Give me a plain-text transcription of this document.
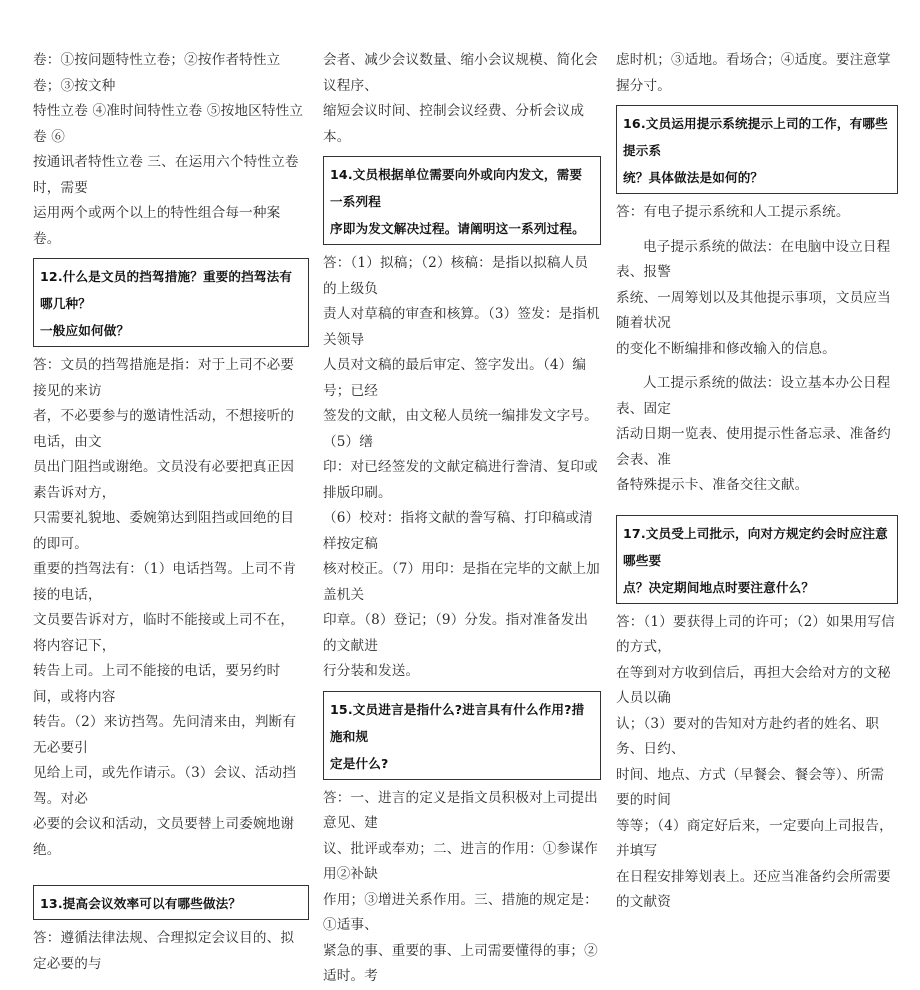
卷：①按问题特性立卷；②按作者特性立卷；③按文种

特性立卷 ④准时间特性立卷 ⑤按地区特性立卷 ⑥

按通讯者特性立卷 三、在运用六个特性立卷时，需要

运用两个或两个以上的特性组合每一种案卷。

12.什么是文员的挡驾措施？重要的挡驾法有哪几种？

一般应如何做？

答：文员的挡驾措施是指：对于上司不必要接见的来访

者，不必要参与的邀请性活动，不想接听的电话，由文

员出门阻挡或谢绝。文员没有必要把真正因素告诉对方，

只需要礼貌地、委婉第达到阻挡或回绝的目的即可。

重要的挡驾法有：（1）电话挡驾。上司不肯接的电话，

文员要告诉对方，临时不能接或上司不在，将内容记下，

转告上司。上司不能接的电话，要另约时间，或将内容

转告。（2）来访挡驾。先问清来由，判断有无必要引

见给上司，或先作请示。（3）会议、活动挡驾。对必

必要的会议和活动，文员要替上司委婉地谢绝。

13.提高会议效率可以有哪些做法？

答：遵循法律法规、合理拟定会议目的、拟定必要的与

会者、减少会议数量、缩小会议规模、简化会议程序、

缩短会议时间、控制会议经费、分析会议成本。

14.文员根据单位需要向外或向内发文，需要一系列程

序即为发文解决过程。请阐明这一系列过程。

答：（1）拟稿；（2）核稿：是指以拟稿人员的上级负

责人对草稿的审查和核算。（3）签发：是指机关领导

人员对文稿的最后审定、签字发出。（4）编号；已经

签发的文献，由文秘人员统一编排发文字号。（5）缮

印：对已经签发的文献定稿进行誊清、复印或排版印刷。

（6）校对：指将文献的誊写稿、打印稿或清样按定稿

核对校正。（7）用印：是指在完毕的文献上加盖机关

印章。（8）登记；（9）分发。指对准备发出的文献进

行分装和发送。

15.文员进言是指什么?进言具有什么作用?措施和规

定是什么?

答：一、进言的定义是指文员积极对上司提出意见、建

议、批评或奉劝；二、进言的作用：①参谋作用②补缺

作用；③增进关系作用。三、措施的规定是：①适事、

紧急的事、重要的事、上司需要懂得的事；②适时。考

虑时机；③适地。看场合；④适度。要注意掌握分寸。

16.文员运用提示系统提示上司的工作，有哪些提示系

统？具体做法是如何的？

答：有电子提示系统和人工提示系统。

电子提示系统的做法：在电脑中设立日程表、报警

系统、一周筹划以及其他提示事项，文员应当随着状况

的变化不断编排和修改输入的信息。

人工提示系统的做法：设立基本办公日程表、固定

活动日期一览表、使用提示性备忘录、准备约会表、准

备特殊提示卡、准备交往文献。

17.文员受上司批示，向对方规定约会时应注意哪些要

点？决定期间地点时要注意什么？

答：（1）要获得上司的许可；（2）如果用写信的方式，

在等到对方收到信后，再担大会给对方的文秘人员以确

认；（3）要对的告知对方赴约者的姓名、职务、日约、

时间、地点、方式（早餐会、餐会等）、所需要的时间

等等；（4）商定好后来，一定要向上司报告，并填写

在日程安排筹划表上。还应当准备约会所需要的文献资
